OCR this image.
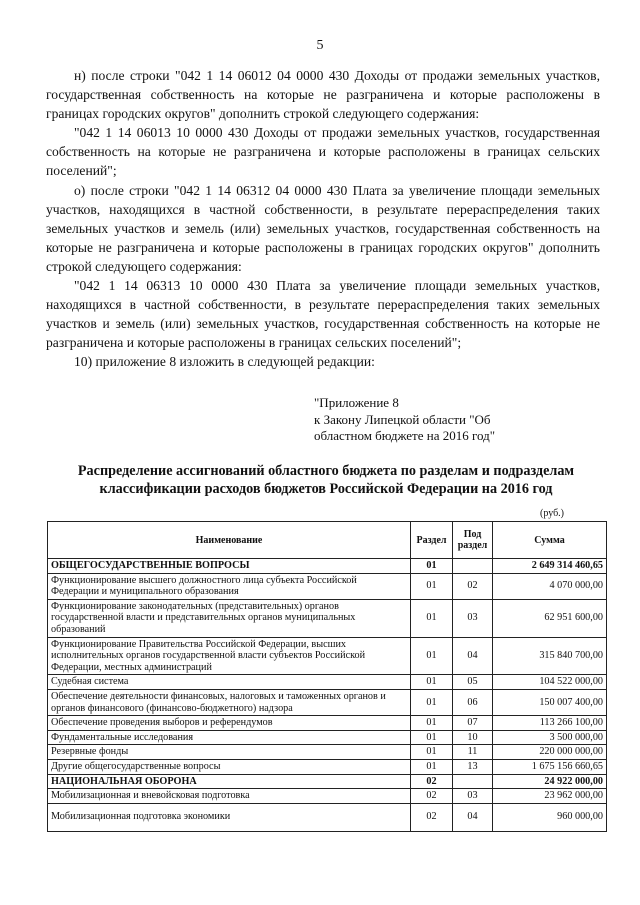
5

н) после строки "042 1 14 06012 04 0000 430 Доходы от продажи земельных участков, государственная собственность на которые не разграничена и которые расположены в границах городских округов" дополнить строкой следующего содержания:

"042 1 14 06013 10 0000 430 Доходы от продажи земельных участков, государственная собственность на которые не разграничена и которые расположены в границах сельских поселений";

о) после строки "042 1 14 06312 04 0000 430 Плата за увеличение площади земельных участков, находящихся в частной собственности, в результате перераспределения таких земельных участков и земель (или) земельных участков, государственная собственность на которые не разграничена и которые расположены в границах городских округов" дополнить строкой следующего содержания:

"042 1 14 06313 10 0000 430 Плата за увеличение площади земельных участков, находящихся в частной собственности, в результате перераспределения таких земельных участков и земель (или) земельных участков, государственная собственность на которые не разграничена и которые расположены в границах сельских поселений";

10) приложение 8 изложить в следующей редакции:

"Приложение 8
к Закону Липецкой области "Об
областном бюджете на 2016 год"
Распределение ассигнований областного бюджета по разделам и подразделам
классификации расходов бюджетов Российской Федерации на 2016 год
(руб.)
Наименование	Раздел	Под раздел	Сумма
ОБЩЕГОСУДАРСТВЕННЫЕ ВОПРОСЫ	01		2 649 314 460,65
Функционирование высшего должностного лица субъекта Российской Федерации и муниципального образования	01	02	4 070 000,00
Функционирование законодательных (представительных) органов государственной власти и представительных органов муниципальных образований	01	03	62 951 600,00
Функционирование Правительства Российской Федерации, высших исполнительных органов государственной власти субъектов Российской Федерации, местных администраций	01	04	315 840 700,00
Судебная система	01	05	104 522 000,00
Обеспечение деятельности финансовых, налоговых и таможенных органов и органов финансового (финансово-бюджетного) надзора	01	06	150 007 400,00
Обеспечение проведения выборов и референдумов	01	07	113 266 100,00
Фундаментальные исследования	01	10	3 500 000,00
Резервные фонды	01	11	220 000 000,00
Другие общегосударственные вопросы	01	13	1 675 156 660,65
НАЦИОНАЛЬНАЯ ОБОРОНА	02		24 922 000,00
Мобилизационная и вневойсковая подготовка	02	03	23 962 000,00
Мобилизационная подготовка экономики	02	04	960 000,00
